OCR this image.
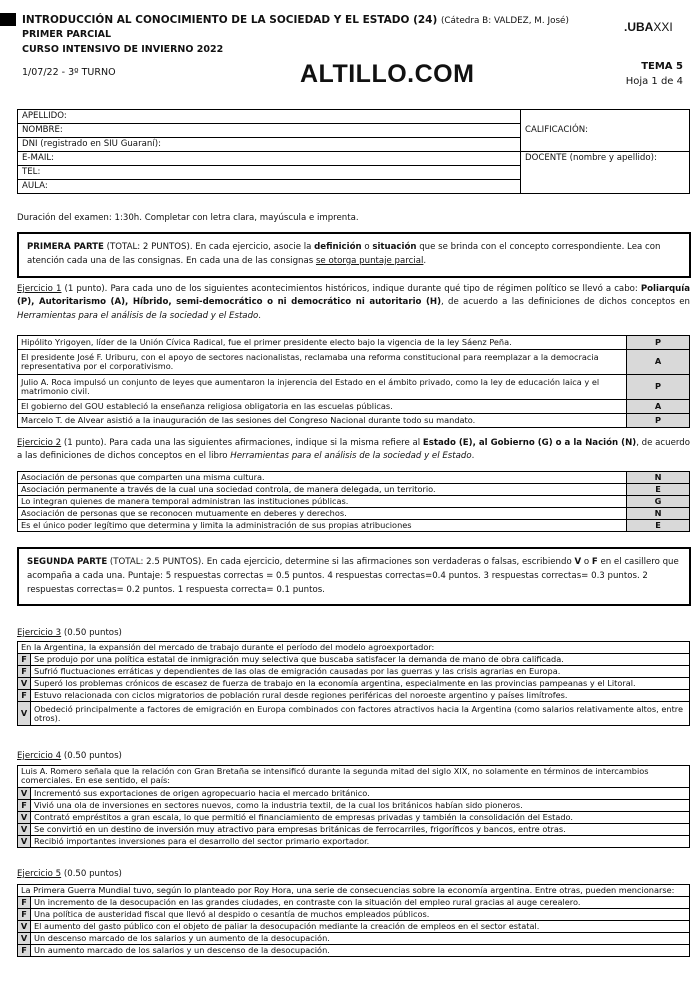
INTRODUCCIÓN AL CONOCIMIENTO DE LA SOCIEDAD Y EL ESTADO (24) (Cátedra B: VALDEZ, M. José)
PRIMER PARCIAL
CURSO INTENSIVO DE INVIERNO 2022
1/07/22 - 3º TURNO	ALTILLO.COM
.UBAXXI
TEMA 5
Hoja 1 de 4
APELLIDO:	CALIFICACIÓN:
NOMBRE:	
DNI (registrado en SIU Guaraní):	
E-MAIL:	DOCENTE (nombre y apellido):
TEL:	
AULA:	
Duración del examen: 1:30h. Completar con letra clara, mayúscula e imprenta.
PRIMERA PARTE (TOTAL: 2 PUNTOS). En cada ejercicio, asocie la definición o situación que se brinda con el concepto correspondiente. Lea con atención cada una de las consignas. En cada una de las consignas se otorga puntaje parcial.
Ejercicio 1 (1 punto). Para cada uno de los siguientes acontecimientos históricos, indique durante qué tipo de régimen político se llevó a cabo: Poliarquía (P), Autoritarismo (A), Híbrido, semi-democrático o ni democrático ni autoritario (H), de acuerdo a las definiciones de dichos conceptos en Herramientas para el análisis de la sociedad y el Estado.
Hipólito Yrigoyen, líder de la Unión Cívica Radical, fue el primer presidente electo bajo la vigencia de la ley Sáenz Peña.	P
El presidente José F. Uriburu, con el apoyo de sectores nacionalistas, reclamaba una reforma constitucional para reemplazar a la democracia representativa por el corporativismo.	A
Julio A. Roca impulsó un conjunto de leyes que aumentaron la injerencia del Estado en el ámbito privado, como la ley de educación laica y el matrimonio civil.	P
El gobierno del GOU estableció la enseñanza religiosa obligatoria en las escuelas públicas.	A
Marcelo T. de Alvear asistió a la inauguración de las sesiones del Congreso Nacional durante todo su mandato.	P
Ejercicio 2 (1 punto). Para cada una las siguientes afirmaciones, indique si la misma refiere al Estado (E), al Gobierno (G) o a la Nación (N), de acuerdo a las definiciones de dichos conceptos en el libro Herramientas para el análisis de la sociedad y el Estado.
Asociación de personas que comparten una misma cultura.	N
Asociación permanente a través de la cual una sociedad controla, de manera delegada, un territorio.	E
Lo integran quienes de manera temporal administran las instituciones públicas.	G
Asociación de personas que se reconocen mutuamente en deberes y derechos.	N
Es el único poder legítimo que determina y limita la administración de sus propias atribuciones	E
SEGUNDA PARTE (TOTAL: 2.5 PUNTOS). En cada ejercicio, determine si las afirmaciones son verdaderas o falsas, escribiendo V o F en el casillero que acompaña a cada una. Puntaje: 5 respuestas correctas = 0.5 puntos. 4 respuestas correctas=0.4 puntos. 3 respuestas correctas= 0.3 puntos. 2 respuestas correctas= 0.2 puntos. 1 respuesta correcta= 0.1 puntos.
Ejercicio 3 (0.50 puntos)
En la Argentina, la expansión del mercado de trabajo durante el período del modelo agroexportador:	
F	Se produjo por una política estatal de inmigración muy selectiva que buscaba satisfacer la demanda de mano de obra calificada.
F	Sufrió fluctuaciones erráticas y dependientes de las olas de emigración causadas por las guerras y las crisis agrarias en Europa.
V	Superó los problemas crónicos de escasez de fuerza de trabajo en la economía argentina, especialmente en las provincias pampeanas y el Litoral.
F	Estuvo relacionada con ciclos migratorios de población rural desde regiones periféricas del noroeste argentino y países limítrofes.
V	Obedeció principalmente a factores de emigración en Europa combinados con factores atractivos hacia la Argentina (como salarios relativamente altos, entre otros).
Ejercicio 4 (0.50 puntos)
Luis A. Romero señala que la relación con Gran Bretaña se intensificó durante la segunda mitad del siglo XIX, no solamente en términos de intercambios comerciales. En ese sentido, el país:	
V	Incrementó sus exportaciones de origen agropecuario hacia el mercado británico.
F	Vivió una ola de inversiones en sectores nuevos, como la industria textil, de la cual los británicos habían sido pioneros.
V	Contrató empréstitos a gran escala, lo que permitió el financiamiento de empresas privadas y también la consolidación del Estado.
V	Se convirtió en un destino de inversión muy atractivo para empresas británicas de ferrocarriles, frigoríficos y bancos, entre otras.
V	Recibió importantes inversiones para el desarrollo del sector primario exportador.
Ejercicio 5 (0.50 puntos)
La Primera Guerra Mundial tuvo, según lo planteado por Roy Hora, una serie de consecuencias sobre la economía argentina. Entre otras, pueden mencionarse:	
F	Un incremento de la desocupación en las grandes ciudades, en contraste con la situación del empleo rural gracias al auge cerealero.
F	Una política de austeridad fiscal que llevó al despido o cesantía de muchos empleados públicos.
V	El aumento del gasto público con el objeto de paliar la desocupación mediante la creación de empleos en el sector estatal.
V	Un descenso marcado de los salarios y un aumento de la desocupación.
F	Un aumento marcado de los salarios y un descenso de la desocupación.
